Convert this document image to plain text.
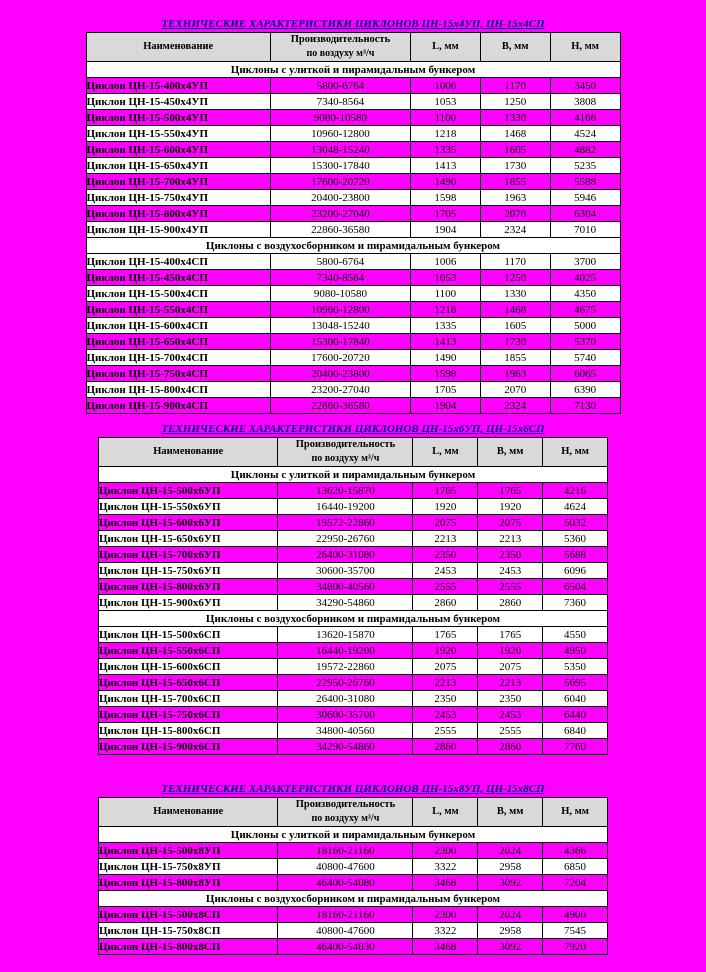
ТЕХНИЧЕСКИЕ ХАРАКТЕРИСТИКИ ЦИКЛОНОВ ЦН-15х4УП, ЦН-15х4СП
Наименование	Производительность
по воздуху м³/ч	L, мм	B, мм	H, мм
Циклоны с улиткой и пирамидальным бункером				
Циклон ЦН-15-400х4УП	5800-6764	1006	1170	3450
Циклон ЦН-15-450х4УП	7340-8564	1053	1250	3808
Циклон ЦН-15-500х4УП	9080-10580	1100	1330	4166
Циклон ЦН-15-550х4УП	10960-12800	1218	1468	4524
Циклон ЦН-15-600х4УП	13048-15240	1335	1605	4882
Циклон ЦН-15-650х4УП	15300-17840	1413	1730	5235
Циклон ЦН-15-700х4УП	17600-20720	1490	1855	5588
Циклон ЦН-15-750х4УП	20400-23800	1598	1963	5946
Циклон ЦН-15-800х4УП	23200-27040	1705	2070	6304
Циклон ЦН-15-900х4УП	22860-36580	1904	2324	7010
Циклоны с воздухосборником и пирамидальным бункером				
Циклон ЦН-15-400х4СП	5800-6764	1006	1170	3700
Циклон ЦН-15-450х4СП	7340-8564	1053	1250	4025
Циклон ЦН-15-500х4СП	9080-10580	1100	1330	4350
Циклон ЦН-15-550х4СП	10960-12800	1218	1468	4675
Циклон ЦН-15-600х4СП	13048-15240	1335	1605	5000
Циклон ЦН-15-650х4СП	15300-17840	1413	1730	5370
Циклон ЦН-15-700х4СП	17600-20720	1490	1855	5740
Циклон ЦН-15-750х4СП	20400-23800	1598	1963	6065
Циклон ЦН-15-800х4СП	23200-27040	1705	2070	6390
Циклон ЦН-15-900х4СП	22860-36580	1904	2324	7130
ТЕХНИЧЕСКИЕ ХАРАКТЕРИСТИКИ ЦИКЛОНОВ ЦН-15х6УП, ЦН-15х6СП
Наименование	Производительность
по воздуху м³/ч	L, мм	B, мм	H, мм
Циклоны с улиткой и пирамидальным бункером				
Циклон ЦН-15-500х6УП	13620-15870	1765	1765	4216
Циклон ЦН-15-550х6УП	16440-19200	1920	1920	4624
Циклон ЦН-15-600х6УП	19572-22860	2075	2075	5032
Циклон ЦН-15-650х6УП	22950-26760	2213	2213	5360
Циклон ЦН-15-700х6УП	26400-31080	2350	2350	5688
Циклон ЦН-15-750х6УП	30600-35700	2453	2453	6096
Циклон ЦН-15-800х6УП	34800-40560	2555	2555	6504
Циклон ЦН-15-900х6УП	34290-54860	2860	2860	7360
Циклоны с воздухосборником и пирамидальным бункером				
Циклон ЦН-15-500х6СП	13620-15870	1765	1765	4550
Циклон ЦН-15-550х6СП	16440-19200	1920	1920	4950
Циклон ЦН-15-600х6СП	19572-22860	2075	2075	5350
Циклон ЦН-15-650х6СП	22950-26760	2213	2213	5695
Циклон ЦН-15-700х6СП	26400-31080	2350	2350	6040
Циклон ЦН-15-750х6СП	30600-35700	2453	2453	6440
Циклон ЦН-15-800х6СП	34800-40560	2555	2555	6840
Циклон ЦН-15-900х6СП	34290-54860	2860	2860	7760
ТЕХНИЧЕСКИЕ ХАРАКТЕРИСТИКИ ЦИКЛОНОВ ЦН-15х8УП, ЦН-15х8СП
Наименование	Производительность
по воздуху м³/ч	L, мм	B, мм	H, мм
Циклоны с улиткой и пирамидальным бункером				
Циклон ЦН-15-500х8УП	18160-21160	2300	2024	4366
Циклон ЦН-15-750х8УП	40800-47600	3322	2958	6850
Циклон ЦН-15-800х8УП	46400-54080	3468	3092	7204
Циклоны с воздухосборником и пирамидальным бункером				
Циклон ЦН-15-500х8СП	18160-21160	2300	2024	4900
Циклон ЦН-15-750х8СП	40800-47600	3322	2958	7545
Циклон ЦН-15-800х8СП	46400-54030	3468	3092	7920
